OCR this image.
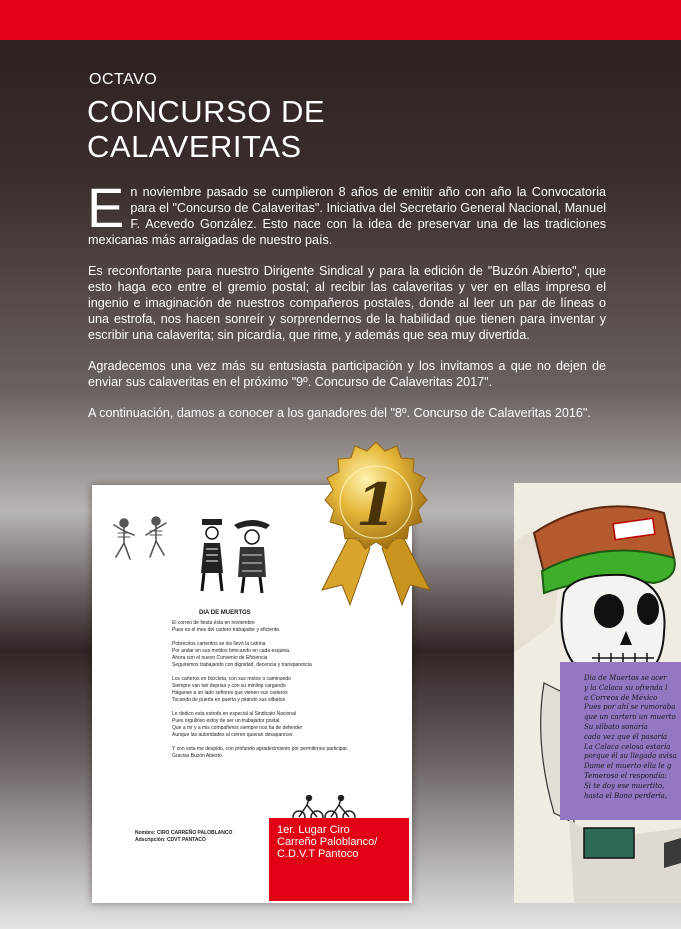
OCTAVO
CONCURSO DE
CALAVERITAS

En noviembre pasado se cumplieron 8 años de emitir año con año la Convocatoria para el "Concurso de Calaveritas". Iniciativa del Secretario General Nacional, Manuel F. Acevedo González. Esto nace con la idea de preservar una de las tradiciones mexicanas más arraigadas de nuestro país.

Es reconfortante para nuestro Dirigente Sindical y para la edición de "Buzón Abierto", que esto haga eco entre el gremio postal; al recibir las calaveritas y ver en ellas impreso el ingenio e imaginación de nuestros compañeros postales, donde al leer un par de líneas o una estrofa, nos hacen sonreír y sorprendernos de la habilidad que tienen para inventar y escribir una calaverita; sin picardía, que rime, y además que sea muy divertida.

Agradecemos una vez más su entusiasta participación y los invitamos a que no dejen de enviar sus calaveritas en el próximo "9º. Concurso de Calaveritas 2017".

A continuación, damos a conocer a los ganadores del "8º. Concurso de Calaveritas 2016".

DIA DE MUERTOS
El correo de fiesta ésta en noviembre
Pues es el mes del cartero trabajador y eficiente.
Pobrecitos carteritos se los llevó la catrina
Por andar en sus motitos brincando en cada esquina.
Ahora con el nuevo Convenio de Eficiencia
Seguiremos trabajando con dignidad, decencia y transparencia
Los carteros en bicicleta, con sus motos o caminando
Siempre van tan deprisa y con su minilop cargando
Háganse a un lado señores que vienen sus carteros
Tocando de puerta en puerta y pitando sus silbatos
Le dedico esta estrofa en especial al Sindicato Nacional
Pues orgulloso estoy de ser un trabajador postal.
Que a mí y a mis compañeros siempre nos ha de defender
Aunque las autoridades al correo quieran desaparecer.
Y con esta me despido, con profundo agradecimiento por permitirnos participar.
Gracias Buzón Abierto.
Nombre: CIRO CARREÑO PALOBLANCO
Adscripción: CDVT PANTACO
1er. Lugar Ciro
Carreño Paloblanco/
C.D.V.T Pantoco
1
Dia de Muertos se acer
y la Calaca su ofrenda l
a Correos de México
Pues por ahí se rumoraba
que un cartero un muerto
Su silbato sonaría
cada vez que él pasaría
La Calaca celosa estaría
porque él su llegada avisa
Dame el muerto ella le g
Temeroso el respondía:
Si te doy ese muertito,
hasta el Bono perdería,
